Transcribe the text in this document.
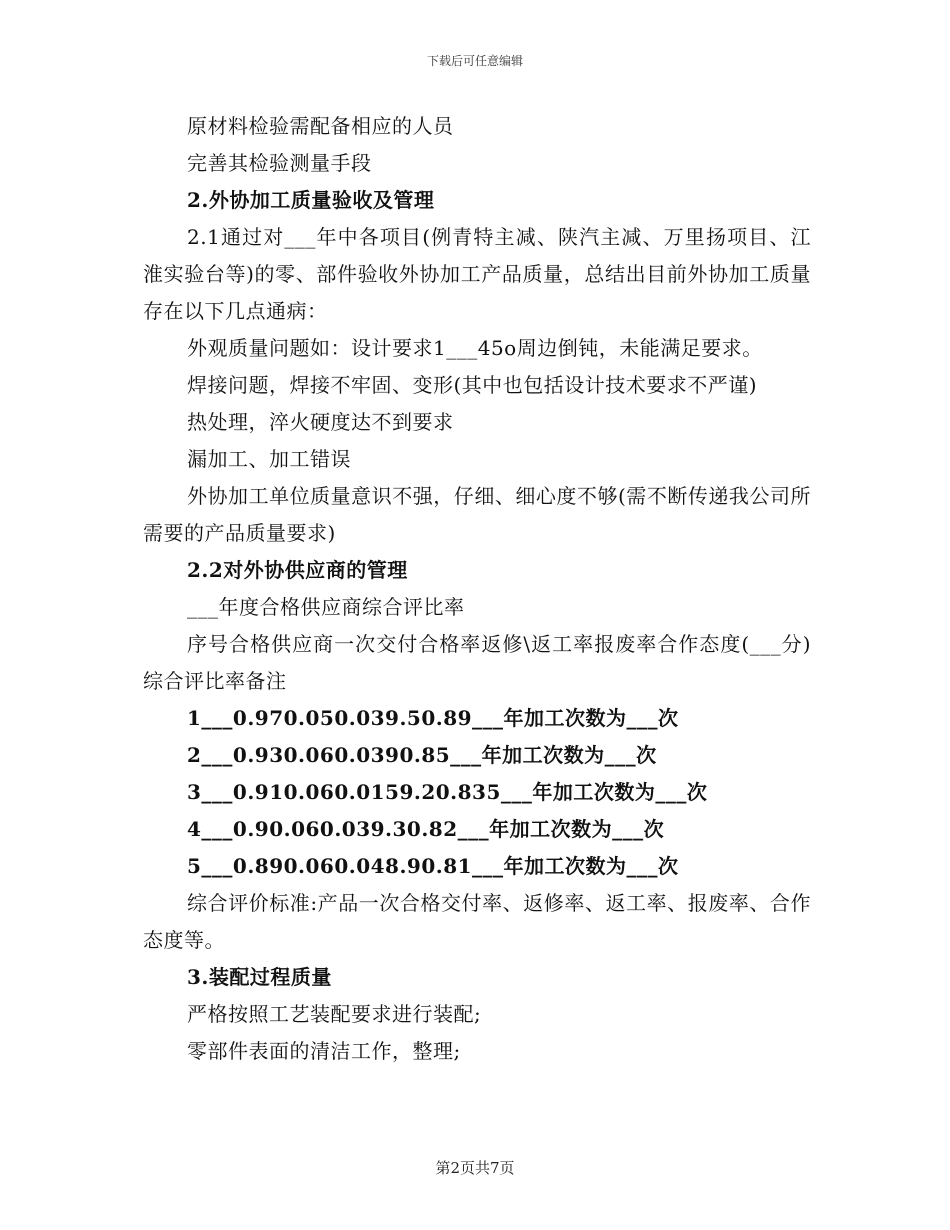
下载后可任意编辑
原材料检验需配备相应的人员
完善其检验测量手段
2.外协加工质量验收及管理
2.1通过对___年中各项目(例青特主减、陕汽主减、万里扬项目、江淮实验台等)的零、部件验收外协加工产品质量，总结出目前外协加工质量存在以下几点通病：
外观质量问题如：设计要求1___45o周边倒钝，未能满足要求。
焊接问题，焊接不牢固、变形(其中也包括设计技术要求不严谨)
热处理，淬火硬度达不到要求
漏加工、加工错误
外协加工单位质量意识不强，仔细、细心度不够(需不断传递我公司所需要的产品质量要求)
2.2对外协供应商的管理
___年度合格供应商综合评比率
序号合格供应商一次交付合格率返修\返工率报废率合作态度(___分)综合评比率备注
1___0.970.050.039.50.89___年加工次数为___次
2___0.930.060.0390.85___年加工次数为___次
3___0.910.060.0159.20.835___年加工次数为___次
4___0.90.060.039.30.82___年加工次数为___次
5___0.890.060.048.90.81___年加工次数为___次
综合评价标准:产品一次合格交付率、返修率、返工率、报废率、合作态度等。
3.装配过程质量
严格按照工艺装配要求进行装配;
零部件表面的清洁工作，整理;
第2页共7页
